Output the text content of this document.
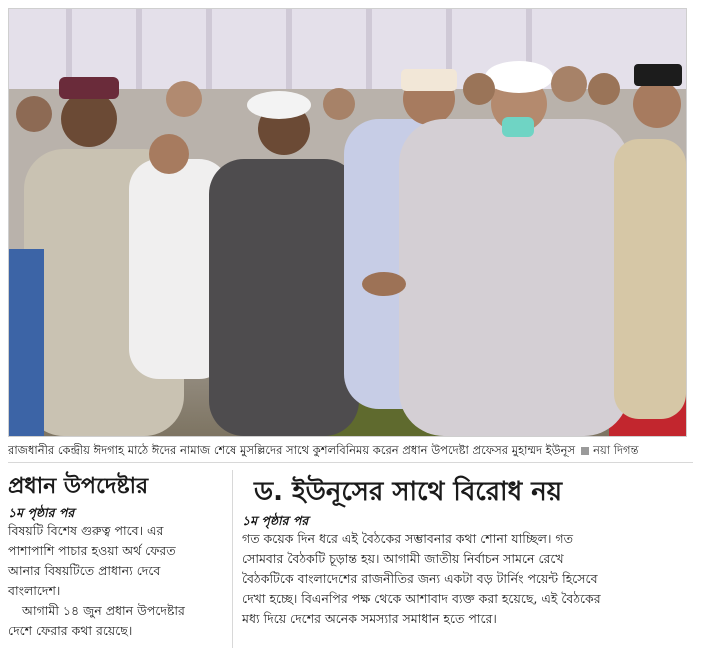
রাজধানীর কেন্দ্রীয় ঈদগাহ মাঠে ঈদের নামাজ শেষে মুসল্লিদের সাথে কুশলবিনিময় করেন প্রধান উপদেষ্টা প্রফেসর মুহাম্মদ ইউনূস নয়া দিগন্ত
প্রধান উপদেষ্টার

১ম পৃষ্ঠার পর

বিষয়টি বিশেষ গুরুত্ব পাবে। এর

পাশাপাশি পাচার হওয়া অর্থ ফেরত

আনার বিষয়টিতে প্রাধান্য দেবে

বাংলাদেশ।

আগামী ১৪ জুন প্রধান উপদেষ্টার

দেশে ফেরার কথা রয়েছে।

ড. ইউনূসের সাথে বিরোধ নয়

১ম পৃষ্ঠার পর

গত কয়েক দিন ধরে এই বৈঠকের সম্ভাবনার কথা শোনা যাচ্ছিল। গত

সোমবার বৈঠকটি চূড়ান্ত হয়। আগামী জাতীয় নির্বাচন সামনে রেখে

বৈঠকটিকে বাংলাদেশের রাজনীতির জন্য একটা বড় টার্নিং পয়েন্ট হিসেবে

দেখা হচ্ছে। বিএনপির পক্ষ থেকে আশাবাদ ব্যক্ত করা হয়েছে, এই বৈঠকের

মধ্য দিয়ে দেশের অনেক সমস্যার সমাধান হতে পারে।
